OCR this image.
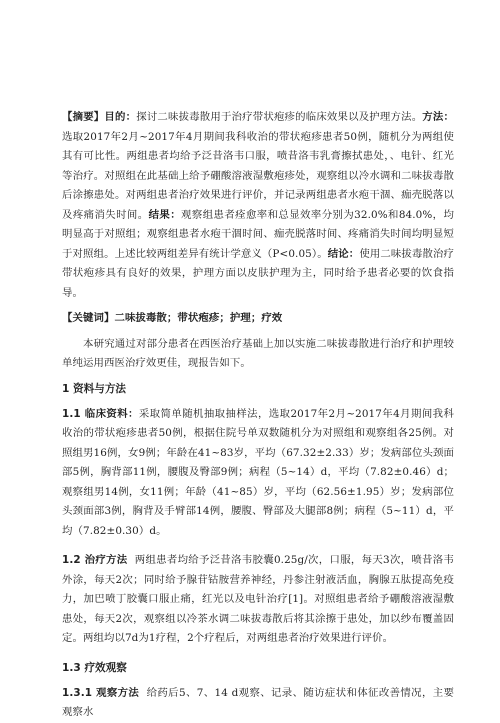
【摘要】目的：探讨二味拔毒散用于治疗带状疱疹的临床效果以及护理方法。方法：选取2017年2月~2017年4月期间我科收治的带状疱疹患者50例，随机分为两组使其有可比性。两组患者均给予泛昔洛韦口服，喷昔洛韦乳膏擦拭患处，、电针、红光等治疗。对照组在此基础上给予硼酸溶液湿敷疱疹处，观察组以冷水调和二味拔毒散后涂擦患处。对两组患者治疗效果进行评价，并记录两组患者水疱干涸、痂壳脱落以及疼痛消失时间。结果：观察组患者痊愈率和总显效率分别为32.0%和84.0%，均明显高于对照组；观察组患者水疱干涸时间、痂壳脱落时间、疼痛消失时间均明显短于对照组。上述比较两组差异有统计学意义（P<0.05）。结论：使用二味拔毒散治疗带状疱疹具有良好的效果，护理方面以皮肤护理为主，同时给予患者必要的饮食指导。

【关键词】二味拔毒散；带状疱疹；护理；疗效

本研究通过对部分患者在西医治疗基础上加以实施二味拔毒散进行治疗和护理较单纯运用西医治疗效更佳，现报告如下。

1 资料与方法

1.1 临床资料：采取简单随机抽取抽样法，选取2017年2月~2017年4月期间我科收治的带状疱疹患者50例，根据住院号单双数随机分为对照组和观察组各25例。对照组男16例，女9例；年龄在41~83岁，平均（67.32±2.33）岁；发病部位头颈面部5例，胸背部11例，腰腹及臀部9例；病程（5~14）d，平均（7.82±0.46）d；观察组男14例，女11例；年龄（41~85）岁，平均（62.56±1.95）岁；发病部位头颈面部3例，胸背及手臂部14例，腰腹、臀部及大腿部8例；病程（5~11）d，平均（7.82±0.30）d。

1.2 治疗方法 两组患者均给予泛昔洛韦胶囊0.25g/次，口服，每天3次，喷昔洛韦外涂，每天2次；同时给予腺苷钴胺营养神经，丹参注射液活血，胸腺五肽提高免疫力，加巴喷丁胶囊口服止痛，红光以及电针治疗[1]。对照组患者给予硼酸溶液湿敷患处，每天2次，观察组以冷茶水调二味拔毒散后将其涂擦于患处，加以纱布覆盖固定。两组均以7d为1疗程，2个疗程后，对两组患者治疗效果进行评价。

1.3 疗效观察

1.3.1 观察方法 给药后5、7、14 d观察、记录、随访症状和体征改善情况，主要观察水
